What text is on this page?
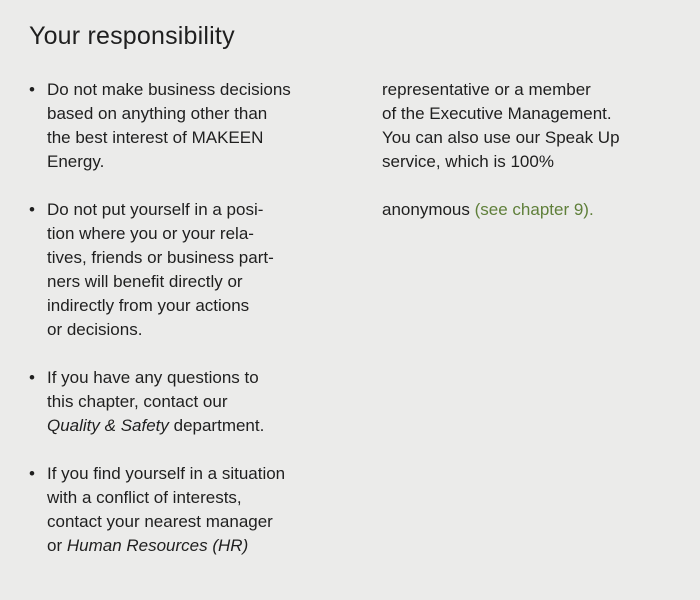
Your responsibility
• Do not make business decisions
based on anything other than
the best interest of MAKEEN
Energy.
• Do not put yourself in a posi-
tion where you or your rela-
tives, friends or business part-
ners will benefit directly or
indirectly from your actions
or decisions.
• If you have any questions to
this chapter, contact our
Quality & Safety department.
• If you find yourself in a situation
with a conflict of interests,
contact your nearest manager
or Human Resources (HR)
representative or a member
of the Executive Management.
You can also use our Speak Up
service, which is 100%
anonymous (see chapter 9).
